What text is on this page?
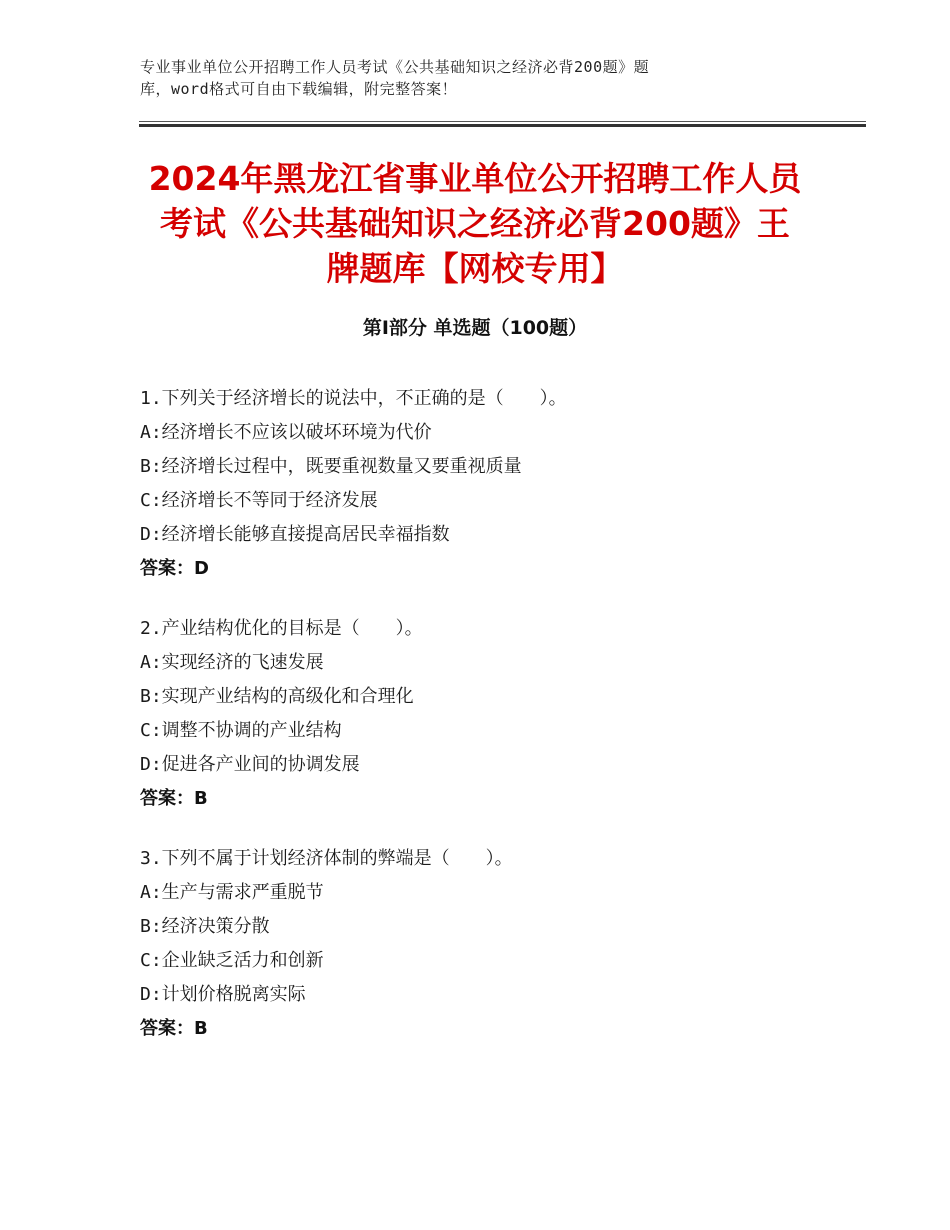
专业事业单位公开招聘工作人员考试《公共基础知识之经济必背200题》题
库，word格式可自由下载编辑，附完整答案！
2024年黑龙江省事业单位公开招聘工作人员
考试《公共基础知识之经济必背200题》王
牌题库【网校专用】
第Ⅰ部分 单选题（100题）
1.下列关于经济增长的说法中，不正确的是（　　）。
A:经济增长不应该以破坏环境为代价
B:经济增长过程中，既要重视数量又要重视质量
C:经济增长不等同于经济发展
D:经济增长能够直接提高居民幸福指数
答案：D
2.产业结构优化的目标是（　　）。
A:实现经济的飞速发展
B:实现产业结构的高级化和合理化
C:调整不协调的产业结构
D:促进各产业间的协调发展
答案：B
3.下列不属于计划经济体制的弊端是（　　）。
A:生产与需求严重脱节
B:经济决策分散
C:企业缺乏活力和创新
D:计划价格脱离实际
答案：B
